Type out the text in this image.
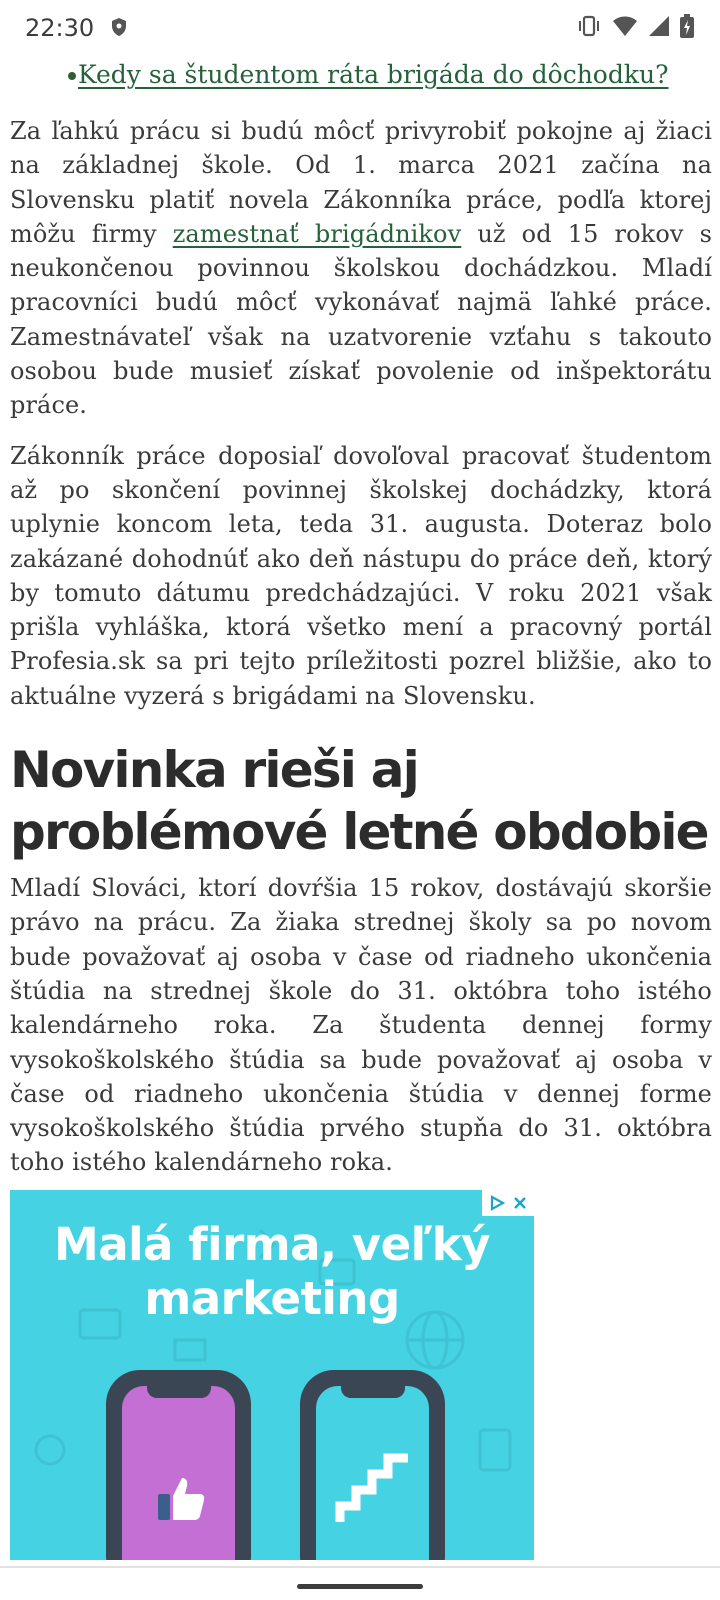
22:30
Kedy sa študentom ráta brigáda do dôchodku?

Za ľahkú prácu si budú môcť privyrobiť pokojne aj žiaci na základnej škole. Od 1. marca 2021 začína na Slovensku platiť novela Zákonníka práce, podľa ktorej môžu firmy zamestnať brigádnikov už od 15 rokov s neukončenou povinnou školskou dochádzkou. Mladí pracovníci budú môcť vykonávať najmä ľahké práce. Zamestnávateľ však na uzatvorenie vzťahu s takouto osobou bude musieť získať povolenie od inšpektorátu práce.

Zákonník práce doposiaľ dovoľoval pracovať študentom až po skončení povinnej školskej dochádzky, ktorá uplynie koncom leta, teda 31. augusta. Doteraz bolo zakázané dohodnúť ako deň nástupu do práce deň, ktorý by tomuto dátumu predchádzajúci. V roku 2021 však prišla vyhláška, ktorá všetko mení a pracovný portál Profesia.sk sa pri tejto príležitosti pozrel bližšie, ako to aktuálne vyzerá s brigádami na Slovensku.

Novinka rieši aj problémové letné obdobie

Mladí Slováci, ktorí dovŕšia 15 rokov, dostávajú skoršie právo na prácu. Za žiaka strednej školy sa po novom bude považovať aj osoba v čase od riadneho ukončenia štúdia na strednej škole do 31. októbra toho istého kalendárneho roka. Za študenta dennej formy vysokoškolského štúdia sa bude považovať aj osoba v čase od riadneho ukončenia štúdia v dennej forme vysokoškolského štúdia prvého stupňa do 31. októbra toho istého kalendárneho roka.

Malá firma, veľký marketing
